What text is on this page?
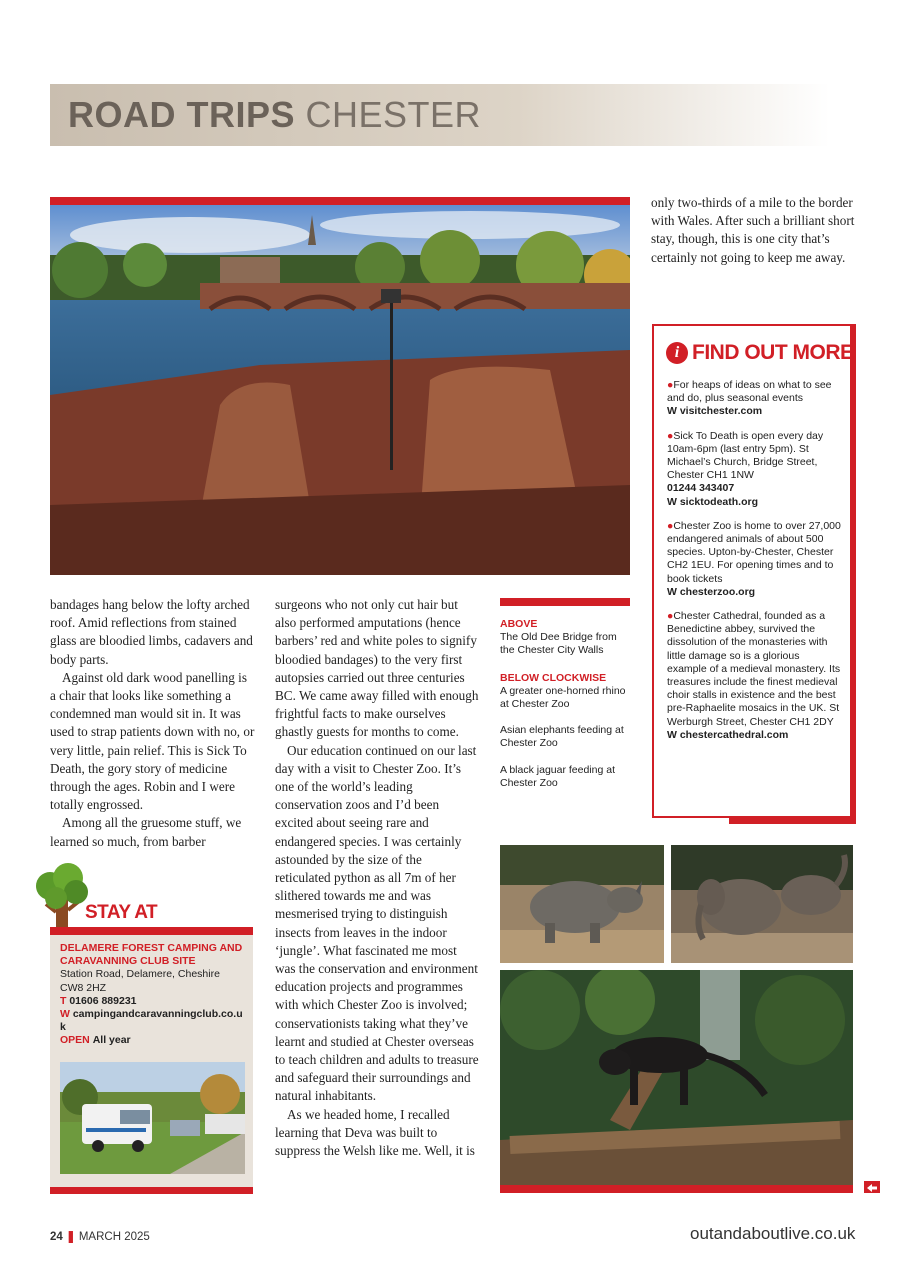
ROAD TRIPS CHESTER

only two-thirds of a mile to the border with Wales. After such a brilliant short stay, though, this is one city that’s certainly not going to keep me away.

bandages hang below the lofty arched roof. Amid reflections from stained glass are bloodied limbs, cadavers and body parts.

Against old dark wood panelling is a chair that looks like something a condemned man would sit in. It was used to strap patients down with no, or very little, pain relief. This is Sick To Death, the gory story of medicine through the ages. Robin and I were totally engrossed.

Among all the gruesome stuff, we learned so much, from barber

surgeons who not only cut hair but also performed amputations (hence barbers’ red and white poles to signify bloodied bandages) to the very first autopsies carried out three centuries BC. We came away filled with enough frightful facts to make ourselves ghastly guests for months to come.

Our education continued on our last day with a visit to Chester Zoo. It’s one of the world’s leading conservation zoos and I’d been excited about seeing rare and endangered species. I was certainly astounded by the size of the reticulated python as all 7m of her slithered towards me and was mesmerised trying to distinguish insects from leaves in the indoor ‘jungle’. What fascinated me most was the conservation and environment education projects and programmes with which Chester Zoo is involved; conservationists taking what they’ve learnt and studied at Chester overseas to teach children and adults to treasure and safeguard their surroundings and natural inhabitants.

As we headed home, I recalled learning that Deva was built to suppress the Welsh like me. Well, it is

ABOVE
The Old Dee Bridge from the Chester City Walls
BELOW CLOCKWISE
A greater one-horned rhino at Chester Zoo
Asian elephants feeding at Chester Zoo
A black jaguar feeding at Chester Zoo
i FIND OUT MORE
●For heaps of ideas on what to see and do, plus seasonal events
W visitchester.com
●Sick To Death is open every day 10am-6pm (last entry 5pm). St Michael’s Church, Bridge Street, Chester CH1 1NW
01244 343407
W sicktodeath.org
●Chester Zoo is home to over 27,000 endangered animals of about 500 species. Upton-by-Chester, Chester CH2 1EU. For opening times and to book tickets
W chesterzoo.org
●Chester Cathedral, founded as a Benedictine abbey, survived the dissolution of the monasteries with little damage so is a glorious example of a medieval monastery. Its treasures include the finest medieval choir stalls in existence and the best pre-Raphaelite mosaics in the UK. St Werburgh Street, Chester CH1 2DY
W chestercathedral.com
STAY AT
DELAMERE FOREST CAMPING AND CARAVANNING CLUB SITE
Station Road, Delamere, Cheshire CW8 2HZ
T 01606 889231
W campingandcaravanningclub.co.uk
OPEN All year
24 ❚ MARCH 2025	outandaboutlive.co.uk
